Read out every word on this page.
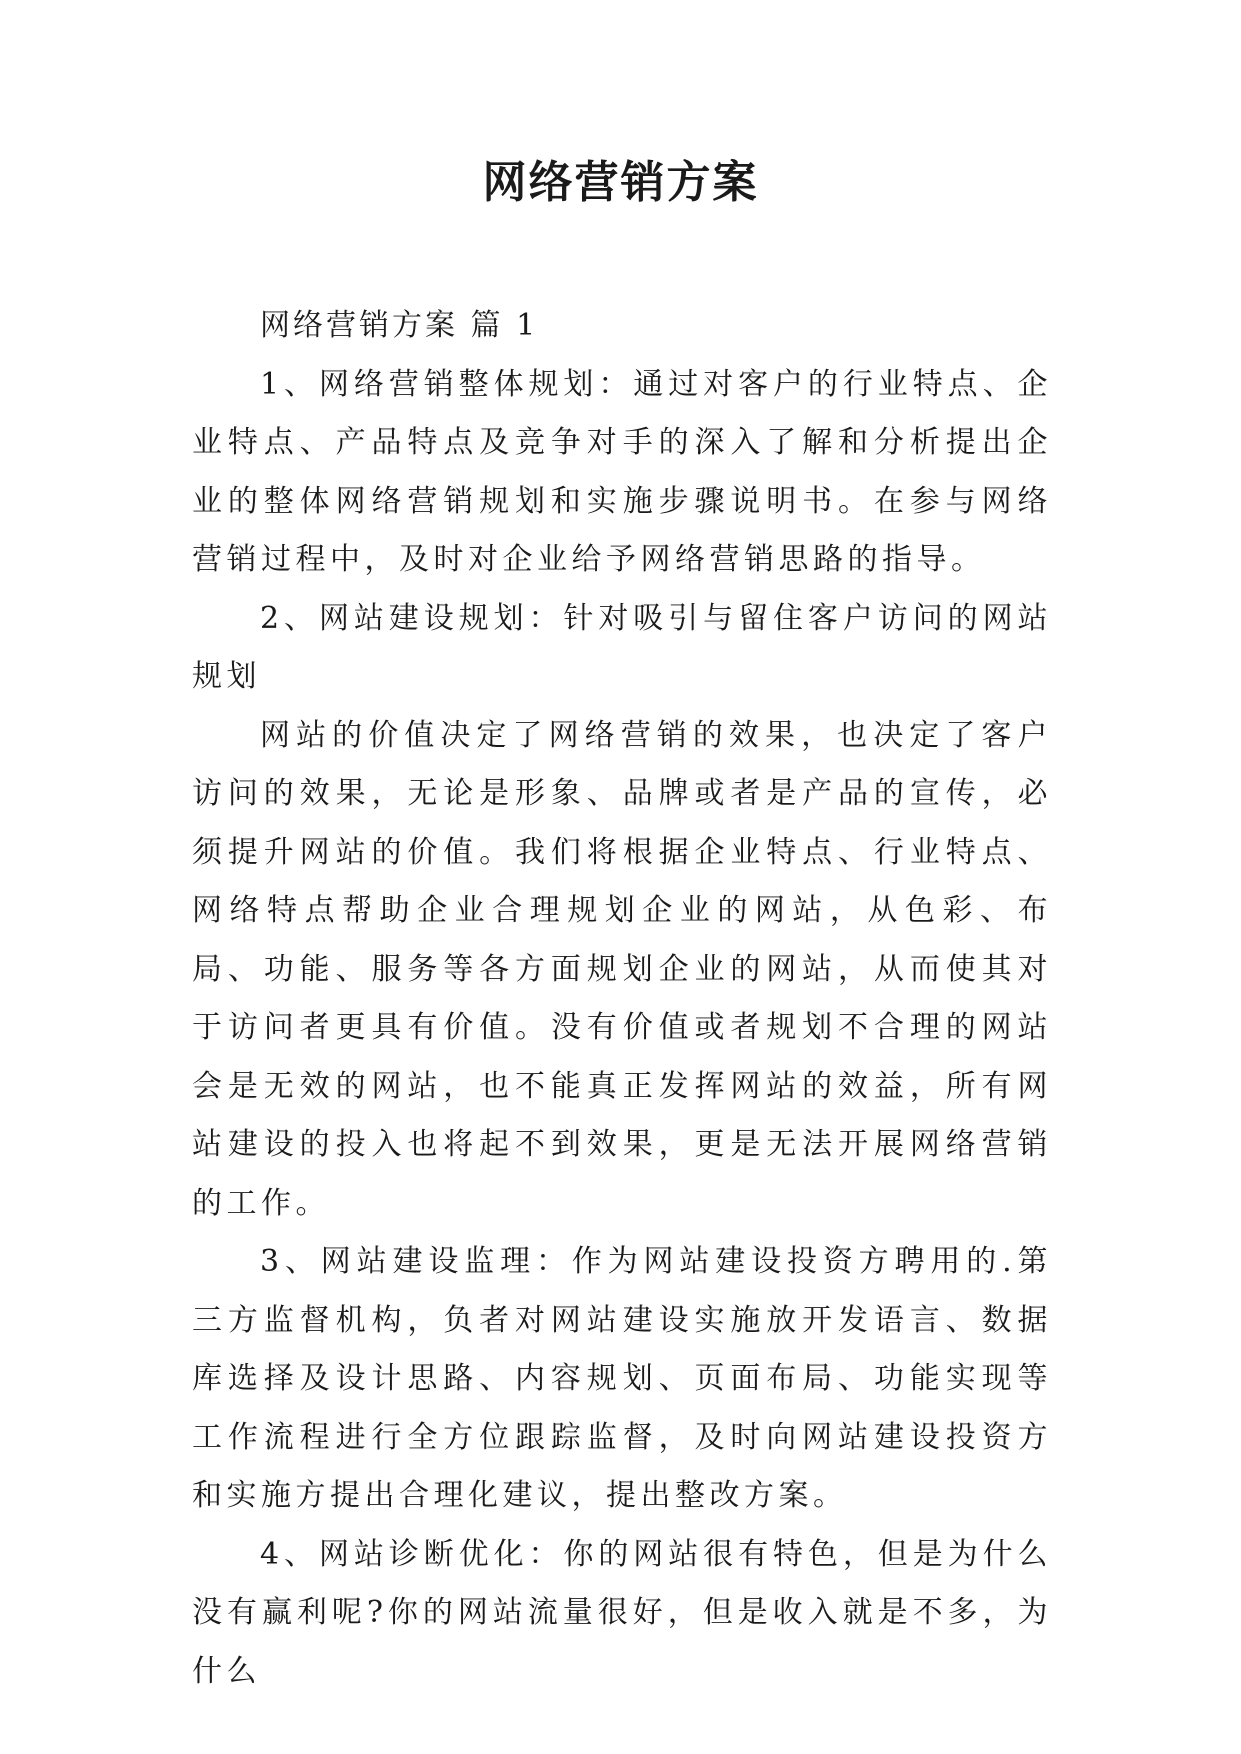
网络营销方案

网络营销方案 篇 1

1、网络营销整体规划：通过对客户的行业特点、企业特点、产品特点及竞争对手的深入了解和分析提出企业的整体网络营销规划和实施步骤说明书。在参与网络营销过程中，及时对企业给予网络营销思路的指导。

2、网站建设规划：针对吸引与留住客户访问的网站规划

网站的价值决定了网络营销的效果，也决定了客户访问的效果，无论是形象、品牌或者是产品的宣传，必须提升网站的价值。我们将根据企业特点、行业特点、网络特点帮助企业合理规划企业的网站，从色彩、布局、功能、服务等各方面规划企业的网站，从而使其对于访问者更具有价值。没有价值或者规划不合理的网站会是无效的网站，也不能真正发挥网站的效益，所有网站建设的投入也将起不到效果，更是无法开展网络营销的工作。

3、网站建设监理：作为网站建设投资方聘用的.第三方监督机构，负者对网站建设实施放开发语言、数据库选择及设计思路、内容规划、页面布局、功能实现等工作流程进行全方位跟踪监督，及时向网站建设投资方和实施方提出合理化建议，提出整改方案。

4、网站诊断优化：你的网站很有特色，但是为什么没有赢利呢?你的网站流量很好，但是收入就是不多，为什么
